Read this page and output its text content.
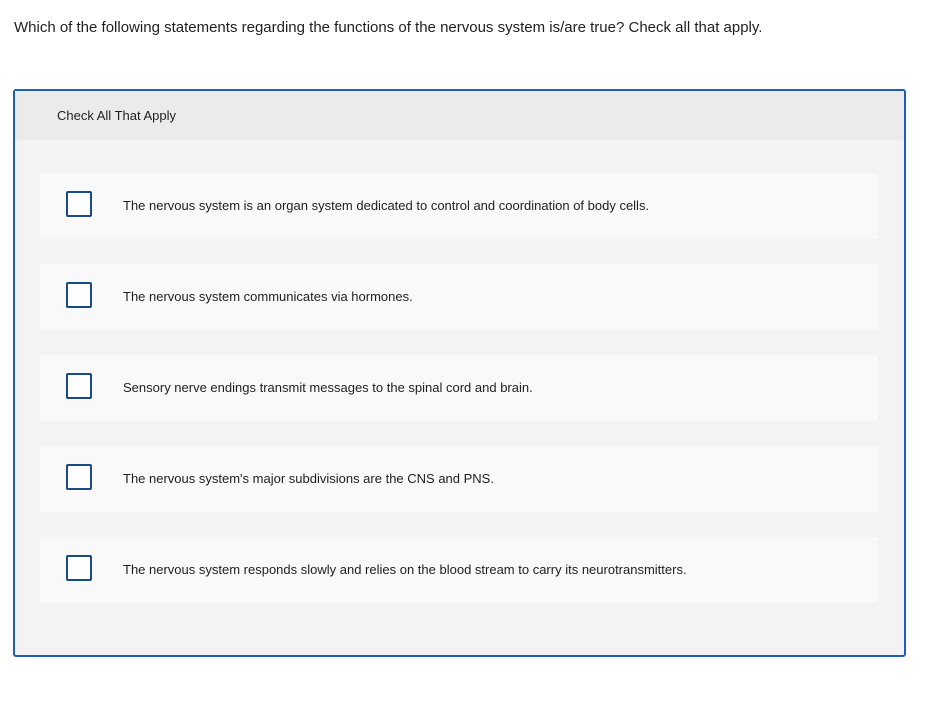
Which of the following statements regarding the functions of the nervous system is/are true? Check all that apply.
Check All That Apply
The nervous system is an organ system dedicated to control and coordination of body cells.
The nervous system communicates via hormones.
Sensory nerve endings transmit messages to the spinal cord and brain.
The nervous system's major subdivisions are the CNS and PNS.
The nervous system responds slowly and relies on the blood stream to carry its neurotransmitters.
